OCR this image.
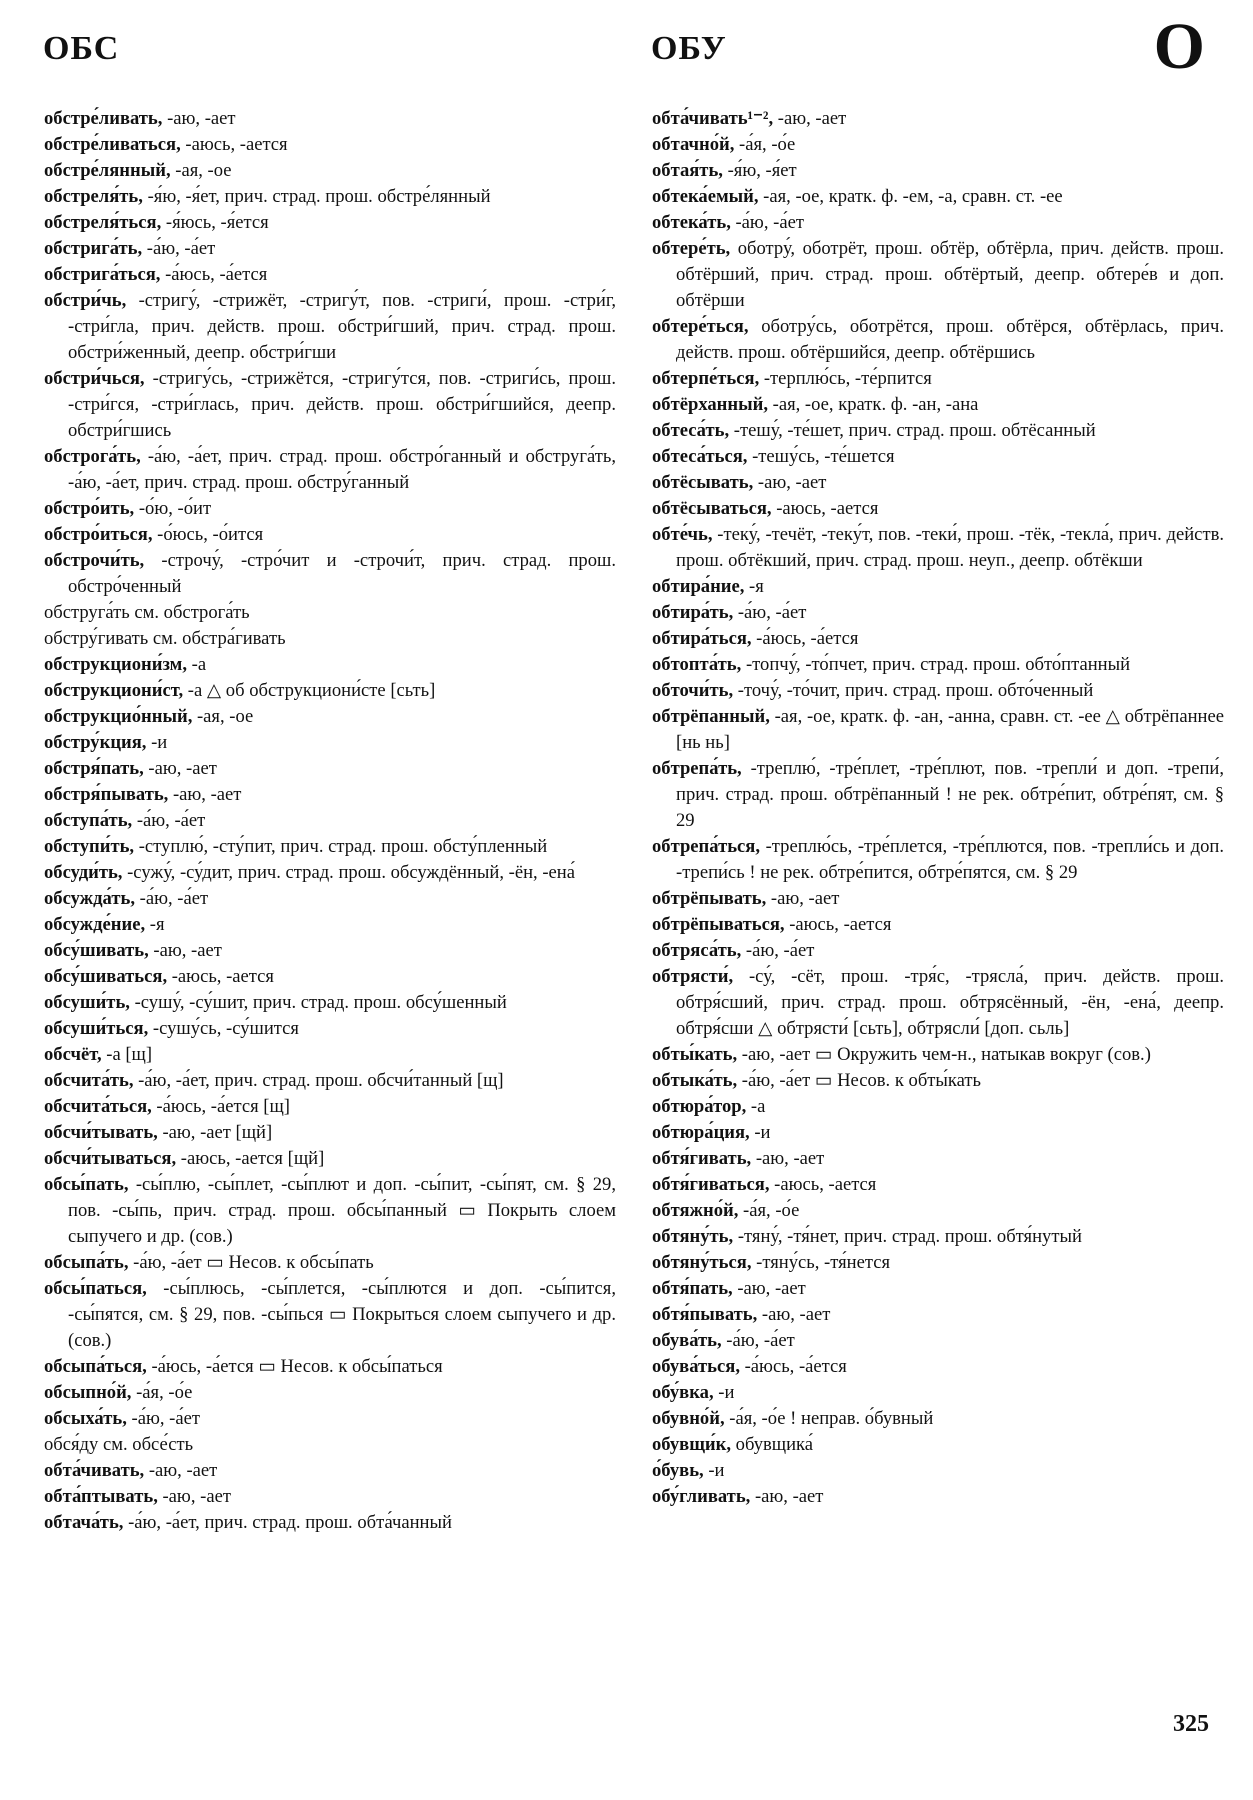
ОБС	ОБУ	О

обстре́ливать, -аю, -ает

обстре́ливаться, -аюсь, -ается

обстре́лянный, -ая, -ое

обстреля́ть, -я́ю, -я́ет, прич. страд. прош. обстре́лянный

обстреля́ться, -я́юсь, -я́ется

обстрига́ть, -а́ю, -а́ет

обстрига́ться, -а́юсь, -а́ется

обстри́чь, -стригу́, -стрижёт, -стригу́т, пов. -стриги́, прош. -стри́г, -стри́гла, прич. действ. прош. обстри́гший, прич. страд. прош. обстри́женный, деепр. обстри́гши

обстри́чься, -стригу́сь, -стрижётся, -стригу́тся, пов. -стриги́сь, прош. -стри́гся, -стри́глась, прич. действ. прош. обстри́гшийся, деепр. обстри́гшись

обстрога́ть, -а́ю, -а́ет, прич. страд. прош. обстро́ганный и обструга́ть, -а́ю, -а́ет, прич. страд. прош. обстру́ганный

обстро́ить, -о́ю, -о́ит

обстро́иться, -о́юсь, -о́ится

обстрочи́ть, -строчу́, -стро́чит и -строчи́т, прич. страд. прош. обстро́ченный

обструга́ть см. обстрога́ть

обстру́гивать см. обстра́гивать

обструкциони́зм, -а

обструкциони́ст, -а △ об обструкциони́сте [сьть]

обструкцио́нный, -ая, -ое

обстру́кция, -и

обстря́пать, -аю, -ает

обстря́пывать, -аю, -ает

обступа́ть, -а́ю, -а́ет

обступи́ть, -ступлю́, -сту́пит, прич. страд. прош. обсту́пленный

обсуди́ть, -сужу́, -су́дит, прич. страд. прош. обсуждённый, -ён, -ена́

обсужда́ть, -а́ю, -а́ет

обсужде́ние, -я

обсу́шивать, -аю, -ает

обсу́шиваться, -аюсь, -ается

обсуши́ть, -сушу́, -су́шит, прич. страд. прош. обсу́шенный

обсуши́ться, -сушу́сь, -су́шится

обсчёт, -а [щ]

обсчита́ть, -а́ю, -а́ет, прич. страд. прош. обсчи́танный [щ]

обсчита́ться, -а́юсь, -а́ется [щ]

обсчи́тывать, -аю, -ает [щй]

обсчи́тываться, -аюсь, -ается [щй]

обсы́пать, -сы́плю, -сы́плет, -сы́плют и доп. -сы́пит, -сы́пят, см. § 29, пов. -сы́пь, прич. страд. прош. обсы́панный ▭ Покрыть слоем сыпучего и др. (сов.)

обсыпа́ть, -а́ю, -а́ет ▭ Несов. к обсы́пать

обсы́паться, -сы́плюсь, -сы́плется, -сы́плются и доп. -сы́пится, -сы́пятся, см. § 29, пов. -сы́пься ▭ Покрыться слоем сыпучего и др. (сов.)

обсыпа́ться, -а́юсь, -а́ется ▭ Несов. к обсы́паться

обсыпно́й, -а́я, -о́е

обсыха́ть, -а́ю, -а́ет

обся́ду см. обсе́сть

обта́чивать, -аю, -ает

обта́птывать, -аю, -ает

обтача́ть, -а́ю, -а́ет, прич. страд. прош. обта́чанный

обта́чивать¹⁻², -аю, -ает

обтачно́й, -а́я, -о́е

обтая́ть, -я́ю, -я́ет

обтека́емый, -ая, -ое, кратк. ф. -ем, -а, сравн. ст. -ее

обтека́ть, -а́ю, -а́ет

обтере́ть, оботру́, оботрёт, прош. обтёр, обтёрла, прич. действ. прош. обтёрший, прич. страд. прош. обтёртый, деепр. обтере́в и доп. обтёрши

обтере́ться, оботру́сь, оботрётся, прош. обтёрся, обтёрлась, прич. действ. прош. обтёршийся, деепр. обтёршись

обтерпе́ться, -терплю́сь, -те́рпится

обтёрханный, -ая, -ое, кратк. ф. -ан, -ана

обтеса́ть, -тешу́, -те́шет, прич. страд. прош. обтёсанный

обтеса́ться, -тешу́сь, -те́шется

обтёсывать, -аю, -ает

обтёсываться, -аюсь, -ается

обте́чь, -теку́, -течёт, -теку́т, пов. -теки́, прош. -тёк, -текла́, прич. действ. прош. обтёкший, прич. страд. прош. неуп., деепр. обтёкши

обтира́ние, -я

обтира́ть, -а́ю, -а́ет

обтира́ться, -а́юсь, -а́ется

обтопта́ть, -топчу́, -то́пчет, прич. страд. прош. обто́птанный

обточи́ть, -точу́, -то́чит, прич. страд. прош. обто́ченный

обтрёпанный, -ая, -ое, кратк. ф. -ан, -анна, сравн. ст. -ее △ обтрёпаннее [нь нь]

обтрепа́ть, -треплю́, -тре́плет, -тре́плют, пов. -трепли́ и доп. -трепи́, прич. страд. прош. обтрёпанный ! не рек. обтре́пит, обтре́пят, см. § 29

обтрепа́ться, -треплю́сь, -тре́плется, -тре́плются, пов. -трепли́сь и доп. -трепи́сь ! не рек. обтре́пится, обтре́пятся, см. § 29

обтрёпывать, -аю, -ает

обтрёпываться, -аюсь, -ается

обтряса́ть, -а́ю, -а́ет

обтрясти́, -су́, -сёт, прош. -тря́с, -трясла́, прич. действ. прош. обтря́сший, прич. страд. прош. обтрясённый, -ён, -ена́, деепр. обтря́сши △ обтрясти́ [сьть], обтрясли́ [доп. сьль]

обты́кать, -аю, -ает ▭ Окружить чем-н., натыкав вокруг (сов.)

обтыка́ть, -а́ю, -а́ет ▭ Несов. к обты́кать

обтюра́тор, -а

обтюра́ция, -и

обтя́гивать, -аю, -ает

обтя́гиваться, -аюсь, -ается

обтяжно́й, -а́я, -о́е

обтяну́ть, -тяну́, -тя́нет, прич. страд. прош. обтя́нутый

обтяну́ться, -тяну́сь, -тя́нется

обтя́пать, -аю, -ает

обтя́пывать, -аю, -ает

обува́ть, -а́ю, -а́ет

обува́ться, -а́юсь, -а́ется

обу́вка, -и

обувно́й, -а́я, -о́е ! неправ. о́бувный

обувщи́к, обувщика́

о́бувь, -и

обу́гливать, -аю, -ает

325
